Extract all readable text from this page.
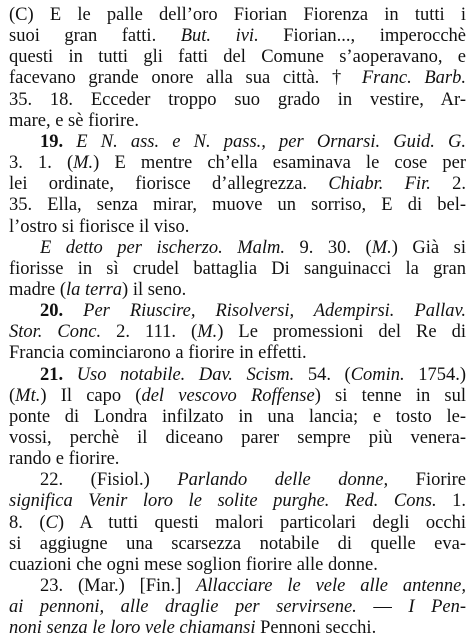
(C) E le palle dell’oro Fiorian Fiorenza in tutti i
suoi gran fatti. But. ivi. Fiorian..., imperocchè
questi in tutti gli fatti del Comune s’aoperavano, e
facevano grande onore alla sua città. † Franc. Barb.
35. 18. Ecceder troppo suo grado in vestire, Ar-
mare, e sè fiorire.
19. E N. ass. e N. pass., per Ornarsi. Guid. G.
3. 1. (M.) E mentre ch’ella esaminava le cose per
lei ordinate, fiorisce d’allegrezza. Chiabr. Fir. 2.
35. Ella, senza mirar, muove un sorriso, E di bel-
l’ostro si fiorisce il viso.
E detto per ischerzo. Malm. 9. 30. (M.) Già si
fiorisse in sì crudel battaglia Di sanguinacci la gran
madre (la terra) il seno.
20. Per Riuscire, Risolversi, Adempirsi. Pallav.
Stor. Conc. 2. 111. (M.) Le promessioni del Re di
Francia cominciarono a fiorire in effetti.
21. Uso notabile. Dav. Scism. 54. (Comin. 1754.)
(Mt.) Il capo (del vescovo Roffense) si tenne in sul
ponte di Londra infilzato in una lancia; e tosto le-
vossi, perchè il diceano parer sempre più venera-
rando e fiorire.
22. (Fisiol.) Parlando delle donne, Fiorire
significa Venir loro le solite purghe. Red. Cons. 1.
8. (C) A tutti questi malori particolari degli occhi
si aggiugne una scarsezza notabile di quelle eva-
cuazioni che ogni mese soglion fiorire alle donne.
23. (Mar.) [Fin.] Allacciare le vele alle antenne,
ai pennoni, alle draglie per servirsene. — I Pen-
noni senza le loro vele chiamansi Pennoni secchi.
